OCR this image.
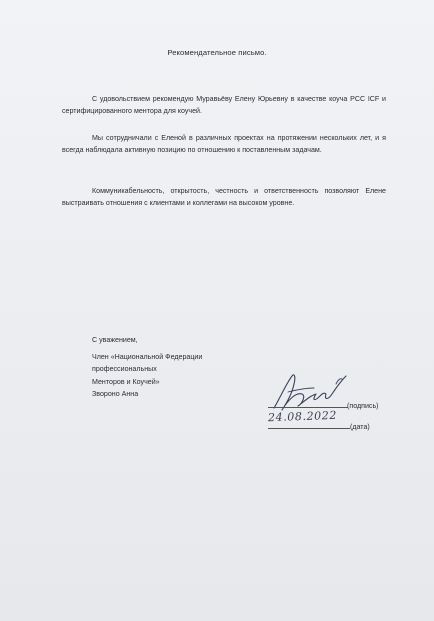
Рекомендательное письмо.
С удовольствием рекомендую Муравьёву Елену Юрьевну в качестве коуча PCC ICF и сертифицированного ментора для коучей.
Мы сотрудничали с Еленой в различных проектах на протяжении нескольких лет, и я всегда наблюдала активную позицию по отношению к поставленным задачам.
Коммуникабельность, открытость, честность и ответственность позволяют Елене выстраивать отношения с клиентами и коллегами на высоком уровне.
С уважением,
Член «Национальной Федерации
профессиональных
Менторов и Коучей»
Зворонo Анна
(подпись)
24.08.2022
(дата)
